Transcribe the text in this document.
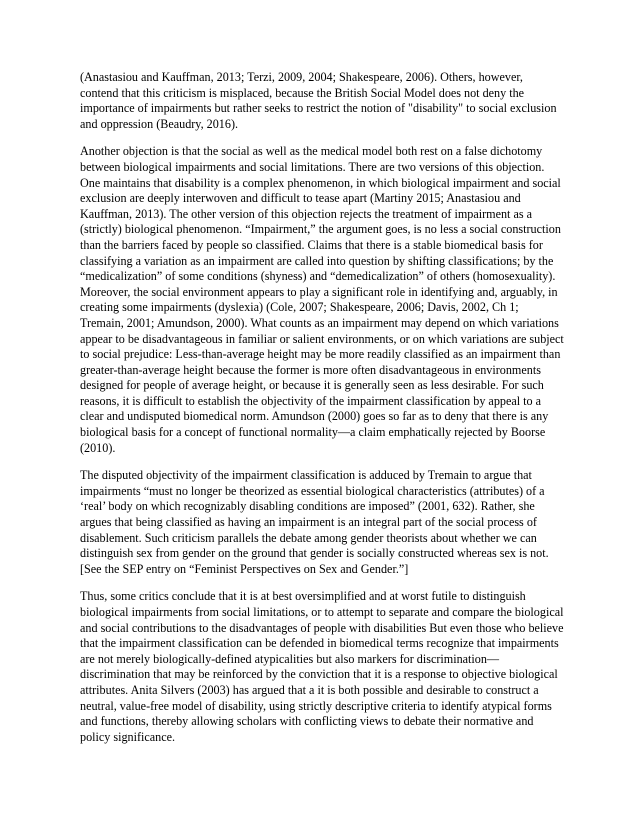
(Anastasiou and Kauffman, 2013; Terzi, 2009, 2004; Shakespeare, 2006). Others, however, contend that this criticism is misplaced, because the British Social Model does not deny the importance of impairments but rather seeks to restrict the notion of "disability" to social exclusion and oppression (Beaudry, 2016).

Another objection is that the social as well as the medical model both rest on a false dichotomy between biological impairments and social limitations. There are two versions of this objection. One maintains that disability is a complex phenomenon, in which biological impairment and social exclusion are deeply interwoven and difficult to tease apart (Martiny 2015; Anastasiou and Kauffman, 2013). The other version of this objection rejects the treatment of impairment as a (strictly) biological phenomenon. “Impairment,” the argument goes, is no less a social construction than the barriers faced by people so classified. Claims that there is a stable biomedical basis for classifying a variation as an impairment are called into question by shifting classifications; by the “medicalization” of some conditions (shyness) and “demedicalization” of others (homosexuality). Moreover, the social environment appears to play a significant role in identifying and, arguably, in creating some impairments (dyslexia) (Cole, 2007; Shakespeare, 2006; Davis, 2002, Ch 1; Tremain, 2001; Amundson, 2000). What counts as an impairment may depend on which variations appear to be disadvantageous in familiar or salient environments, or on which variations are subject to social prejudice: Less-than-average height may be more readily classified as an impairment than greater-than-average height because the former is more often disadvantageous in environments designed for people of average height, or because it is generally seen as less desirable. For such reasons, it is difficult to establish the objectivity of the impairment classification by appeal to a clear and undisputed biomedical norm. Amundson (2000) goes so far as to deny that there is any biological basis for a concept of functional normality—a claim emphatically rejected by Boorse (2010).

The disputed objectivity of the impairment classification is adduced by Tremain to argue that impairments “must no longer be theorized as essential biological characteristics (attributes) of a ‘real’ body on which recognizably disabling conditions are imposed” (2001, 632). Rather, she argues that being classified as having an impairment is an integral part of the social process of disablement. Such criticism parallels the debate among gender theorists about whether we can distinguish sex from gender on the ground that gender is socially constructed whereas sex is not. [See the SEP entry on “Feminist Perspectives on Sex and Gender.”]

Thus, some critics conclude that it is at best oversimplified and at worst futile to distinguish biological impairments from social limitations, or to attempt to separate and compare the biological and social contributions to the disadvantages of people with disabilities But even those who believe that the impairment classification can be defended in biomedical terms recognize that impairments are not merely biologically-defined atypicalities but also markers for discrimination—discrimination that may be reinforced by the conviction that it is a response to objective biological attributes. Anita Silvers (2003) has argued that a it is both possible and desirable to construct a neutral, value-free model of disability, using strictly descriptive criteria to identify atypical forms and functions, thereby allowing scholars with conflicting views to debate their normative and policy significance.
